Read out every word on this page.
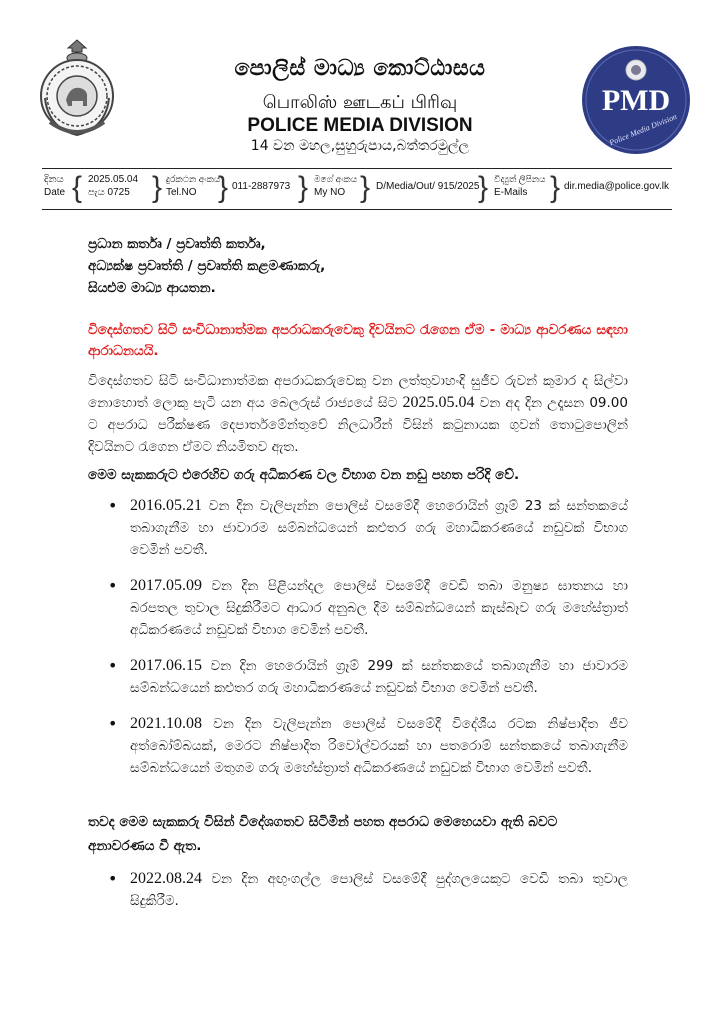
පොලිස් මාධ්‍ය කොට්ඨාසය
பொலிஸ் ஊடகப் பிரிவு
POLICE MEDIA DIVISION
14 වන මහල,සුහුරුපාය,බත්තරමුල්ල
PMD
Police Media Division
දිනය
Date { 2025.05.04
පැය 0725 } දුරකථන අංකය
Tel.NO } 011-2887973 } මගේ අංකය
My NO } D/Media/Out/ 915/2025
} විද්‍යුත් ලිපිනය
E-Mails } dir.media@police.gov.lk
ප්‍රධාන කර්තෘ / ප්‍රවෘත්ති කර්තෘ,
අධ්‍යක්ෂ ප්‍රවෘත්ති / ප්‍රවෘත්ති කළමණාකරු,
සියළුම මාධ්‍ය ආයතන.
විදෙස්ගතව සිටි සංවිධානාත්මක අපරාධකරුවෙකු දිවයිනට රැගෙන ඒම - මාධ්‍ය ආවරණය සඳහා ආරාධනයයි.
විදෙස්ගතව සිටි සංවිධානාත්මක අපරාධකරුවෙකු වන ලත්තුවාහංදි සුජීව රුවන් කුමාර ද සිල්වා නොහොත් ලොකු පැටී යන අය බෙලරුස් රාජ්‍යයේ සිට 2025.05.04 වන අද දින උදෑසන 09.00 ට අපරාධ පරීක්ෂණ දෙපාර්තමේන්තුවේ නිලධාරීන් විසින් කටුනායක ගුවන් තොටුපොලින් දිවයිනට රැගෙන ඒමට නියමිතව ඇත.
මෙම සැකකරුට එරෙහිව ගරු අධිකරණ වල විභාග වන නඩු පහත පරිදි වේ.
• 2016.05.21 වන දින වැලිපැන්න පොලිස් වසමේදී හෙරොයින් ග්‍රෑම් 23 ක් සන්තකයේ තබාගැනීම හා ජාවාරම සම්බන්ධයෙන් කළුතර ගරු මහාධිකරණයේ නඩුවක් විභාග වෙමින් පවතී.
• 2017.05.09 වන දින පිළියන්දල පොලිස් වසමේදී වෙඩි තබා මනුෂ්‍ය ඝාතනය හා බරපතල තුවාල සිදුකිරීමට ආධාර අනුබල දීම සම්බන්ධයෙන් කැස්බෑව ගරු මහේස්ත්‍රාත් අධිකරණයේ නඩුවක් විභාග වෙමින් පවතී.
• 2017.06.15 වන දින හෙරොයින් ග්‍රෑම් 299 ක් සන්තකයේ තබාගැනීම හා ජාවාරම සම්බන්ධයෙන් කළුතර ගරු මහාධිකරණයේ නඩුවක් විභාග වෙමින් පවතී.
• 2021.10.08 වන දින වැලිපැන්න පොලිස් වසමේදී විදේශීය රටක නිෂ්පාදිත ජීව අත්බෝම්බයක්, මෙරට නිෂ්පාදිත රිවෝල්වරයක් හා පතරොම් සන්තකයේ තබාගැනීම සම්බන්ධයෙන් මතුගම ගරු මහේස්ත්‍රාත් අධිකරණයේ නඩුවක් විභාග වෙමින් පවතී.
තවද මෙම සැකකරු විසින් විදේශගතව සිටිමින් පහත අපරාධ මෙහෙයවා ඇති බවට අනාවරණය වී ඇත.
• 2022.08.24 වන දින අඟුංගල්ල පොලිස් වසමේදී පුද්ගලයෙකුට වෙඩි තබා තුවාල සිදුකිරීම.
